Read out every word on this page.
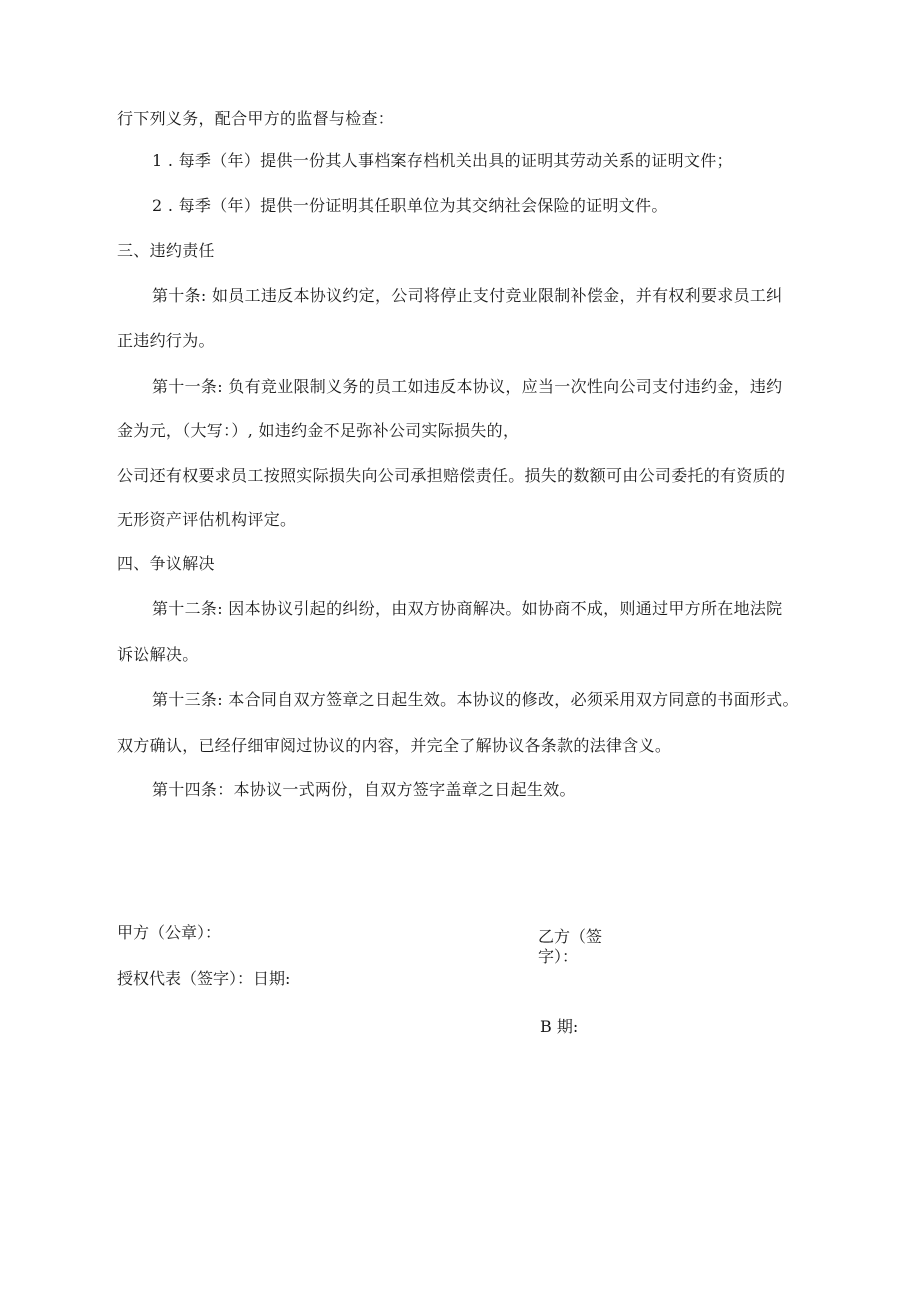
行下列义务，配合甲方的监督与检查：
1 . 每季（年）提供一份其人事档案存档机关出具的证明其劳动关系的证明文件；
2 . 每季（年）提供一份证明其任职单位为其交纳社会保险的证明文件。
三、违约责任
第十条: 如员工违反本协议约定，公司将停止支付竞业限制补偿金，并有权利要求员工纠
正违约行为。
第十一条: 负有竞业限制义务的员工如违反本协议，应当一次性向公司支付违约金，违约
金为元，（大写：）, 如违约金不足弥补公司实际损失的，
公司还有权要求员工按照实际损失向公司承担赔偿责任。损失的数额可由公司委托的有资质的
无形资产评估机构评定。
四、争议解决
第十二条: 因本协议引起的纠纷，由双方协商解决。如协商不成，则通过甲方所在地法院
诉讼解决。
第十三条: 本合同自双方签章之日起生效。本协议的修改，必须采用双方同意的书面形式。
双方确认，已经仔细审阅过协议的内容，并完全了解协议各条款的法律含义。
第十四条：本协议一式两份，自双方签字盖章之日起生效。
甲方（公章）：
授权代表（签字）：日期:
乙方（签
字）：
B 期:
